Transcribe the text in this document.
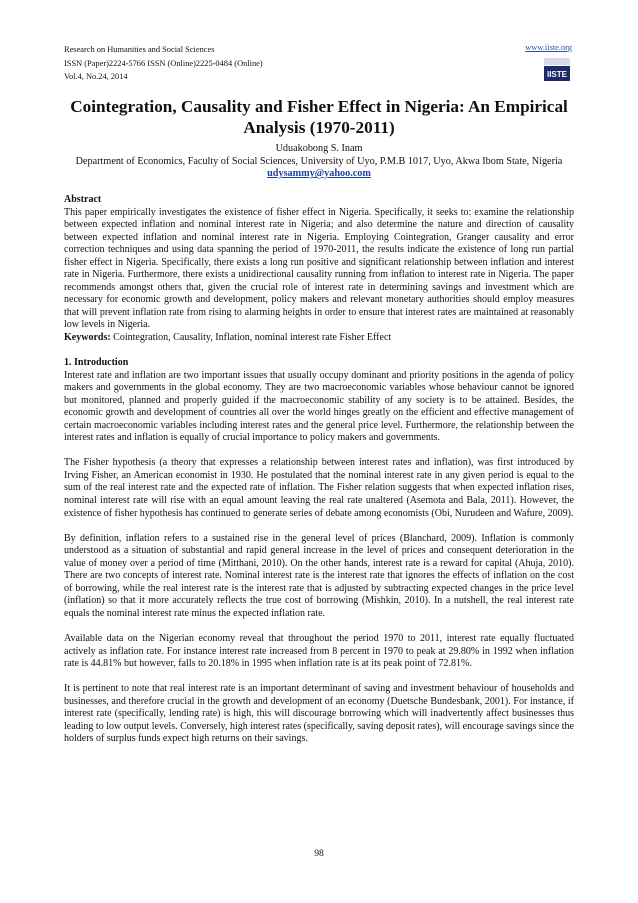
Research on Humanities and Social Sciences
ISSN (Paper)2224-5766 ISSN (Online)2225-0484 (Online)
Vol.4, No.24, 2014
www.iiste.org
IISTE
Cointegration, Causality and Fisher Effect in Nigeria: An Empirical Analysis (1970-2011)
Uduakobong S. Inam
Department of Economics, Faculty of Social Sciences, University of Uyo, P.M.B 1017, Uyo, Akwa Ibom State, Nigeria
udysammy@yahoo.com

Abstract

This paper empirically investigates the existence of fisher effect in Nigeria. Specifically, it seeks to: examine the relationship between expected inflation and nominal interest rate in Nigeria; and also determine the nature and direction of causality between expected inflation and nominal interest rate in Nigeria. Employing Cointegration, Granger causality and error correction techniques and using data spanning the period of 1970-2011, the results indicate the existence of long run partial fisher effect in Nigeria. Specifically, there exists a long run positive and significant relationship between inflation and interest rate in Nigeria. Furthermore, there exists a unidirectional causality running from inflation to interest rate in Nigeria. The paper recommends amongst others that, given the crucial role of interest rate in determining savings and investment which are necessary for economic growth and development, policy makers and relevant monetary authorities should employ measures that will prevent inflation rate from rising to alarming heights in order to ensure that interest rates are maintained at reasonably low levels in Nigeria.

Keywords: Cointegration, Causality, Inflation, nominal interest rate Fisher Effect

1. Introduction

Interest rate and inflation are two important issues that usually occupy dominant and priority positions in the agenda of policy makers and governments in the global economy. They are two macroeconomic variables whose behaviour cannot be ignored but monitored, planned and properly guided if the macroeconomic stability of any society is to be attained. Besides, the economic growth and development of countries all over the world hinges greatly on the efficient and effective management of certain macroeconomic variables including interest rates and the general price level. Furthermore, the relationship between the interest rates and inflation is equally of crucial importance to policy makers and governments.

The Fisher hypothesis (a theory that expresses a relationship between interest rates and inflation), was first introduced by Irving Fisher, an American economist in 1930. He postulated that the nominal interest rate in any given period is equal to the sum of the real interest rate and the expected rate of inflation. The Fisher relation suggests that when expected inflation rises, nominal interest rate will rise with an equal amount leaving the real rate unaltered (Asemota and Bala, 2011). However, the existence of fisher hypothesis has continued to generate series of debate among economists (Obi, Nurudeen and Wafure, 2009).

By definition, inflation refers to a sustained rise in the general level of prices (Blanchard, 2009). Inflation is commonly understood as a situation of substantial and rapid general increase in the level of prices and consequent deterioration in the value of money over a period of time (Mitthani, 2010). On the other hands, interest rate is a reward for capital (Ahuja, 2010). There are two concepts of interest rate. Nominal interest rate is the interest rate that ignores the effects of inflation on the cost of borrowing, while the real interest rate is the interest rate that is adjusted by subtracting expected changes in the price level (inflation) so that it more accurately reflects the true cost of borrowing (Mishkin, 2010). In a nutshell, the real interest rate equals the nominal interest rate minus the expected inflation rate.

Available data on the Nigerian economy reveal that throughout the period 1970 to 2011, interest rate equally fluctuated actively as inflation rate. For instance interest rate increased from 8 percent in 1970 to peak at 29.80% in 1992 when inflation rate is 44.81% but however, falls to 20.18% in 1995 when inflation rate is at its peak point of 72.81%.

It is pertinent to note that real interest rate is an important determinant of saving and investment behaviour of households and businesses, and therefore crucial in the growth and development of an economy (Duetsche Bundesbank, 2001). For instance, if interest rate (specifically, lending rate) is high, this will discourage borrowing which will inadvertently affect businesses thus leading to low output levels. Conversely, high interest rates (specifically, saving deposit rates), will encourage savings since the holders of surplus funds expect high returns on their savings.

98
